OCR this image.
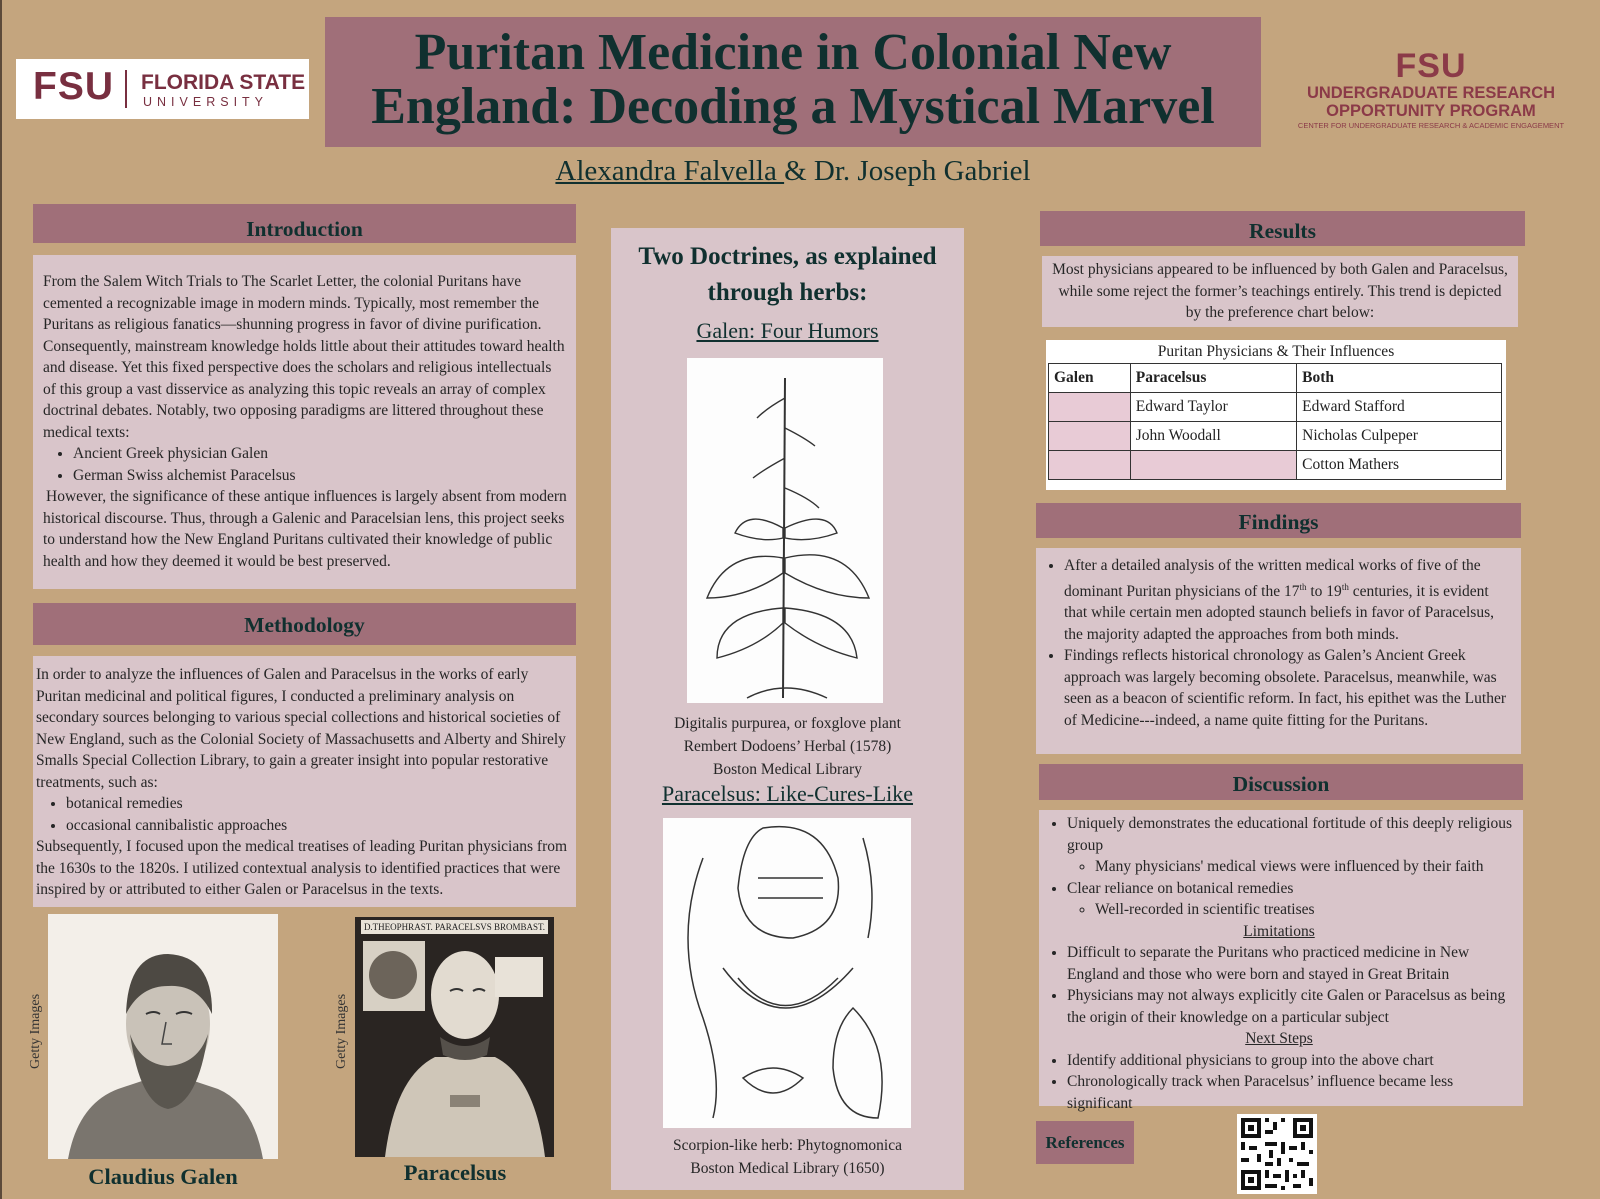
FSU FLORIDA STATE
UNIVERSITY
Puritan Medicine in Colonial New
England: Decoding a Mystical Marvel
FSU
UNDERGRADUATE RESEARCH
OPPORTUNITY PROGRAM
CENTER FOR UNDERGRADUATE RESEARCH & ACADEMIC ENGAGEMENT
Alexandra Falvella & Dr. Joseph Gabriel
Introduction

From the Salem Witch Trials to The Scarlet Letter, the colonial Puritans have cemented a recognizable image in modern minds. Typically, most remember the Puritans as religious fanatics—shunning progress in favor of divine purification. Consequently, mainstream knowledge holds little about their attitudes toward health and disease. Yet this fixed perspective does the scholars and religious intellectuals of this group a vast disservice as analyzing this topic reveals an array of complex doctrinal debates. Notably, two opposing paradigms are littered throughout these medical texts:

• Ancient Greek physician Galen
• German Swiss alchemist Paracelsus

However, the significance of these antique influences is largely absent from modern historical discourse. Thus, through a Galenic and Paracelsian lens, this project seeks to understand how the New England Puritans cultivated their knowledge of public health and how they deemed it would be best preserved.

Methodology

In order to analyze the influences of Galen and Paracelsus in the works of early Puritan medicinal and political figures, I conducted a preliminary analysis on secondary sources belonging to various special collections and historical societies of New England, such as the Colonial Society of Massachusetts and Alberty and Shirely Smalls Special Collection Library, to gain a greater insight into popular restorative treatments, such as:

• botanical remedies
• occasional cannibalistic approaches

Subsequently, I focused upon the medical treatises of leading Puritan physicians from the 1630s to the 1820s. I utilized contextual analysis to identified practices that were inspired by or attributed to either Galen or Paracelsus in the texts.

Getty Images
Claudius Galen
Getty Images
D.THEOPHRAST. PARACELSVS BROMBAST.
Paracelsus
Two Doctrines, as explained through herbs:
Galen: Four Humors
Digitalis purpurea, or foxglove plant
Rembert Dodoens’ Herbal (1578)
Boston Medical Library
Paracelsus: Like-Cures-Like
Scorpion-like herb: Phytognomonica
Boston Medical Library (1650)
Results

Most physicians appeared to be influenced by both Galen and Paracelsus, while some reject the former’s teachings entirely. This trend is depicted by the preference chart below:

Puritan Physicians & Their Influences
Galen	Paracelsus	Both
	Edward Taylor	Edward Stafford
	John Woodall	Nicholas Culpeper
		Cotton Mathers
Findings
• After a detailed analysis of the written medical works of five of the dominant Puritan physicians of the 17th to 19th centuries, it is evident that while certain men adopted staunch beliefs in favor of Paracelsus, the majority adapted the approaches from both minds.
• Findings reflects historical chronology as Galen’s Ancient Greek approach was largely becoming obsolete. Paracelsus, meanwhile, was seen as a beacon of scientific reform. In fact, his epithet was the Luther of Medicine---indeed, a name quite fitting for the Puritans.
Discussion
• Uniquely demonstrates the educational fortitude of this deeply religious group
◦ Many physicians' medical views were influenced by their faith
• Clear reliance on botanical remedies
◦ Well-recorded in scientific treatises
Limitations
• Difficult to separate the Puritans who practiced medicine in New England and those who were born and stayed in Great Britain
• Physicians may not always explicitly cite Galen or Paracelsus as being the origin of their knowledge on a particular subject
Next Steps
• Identify additional physicians to group into the above chart
• Chronologically track when Paracelsus’ influence became less significant
References
